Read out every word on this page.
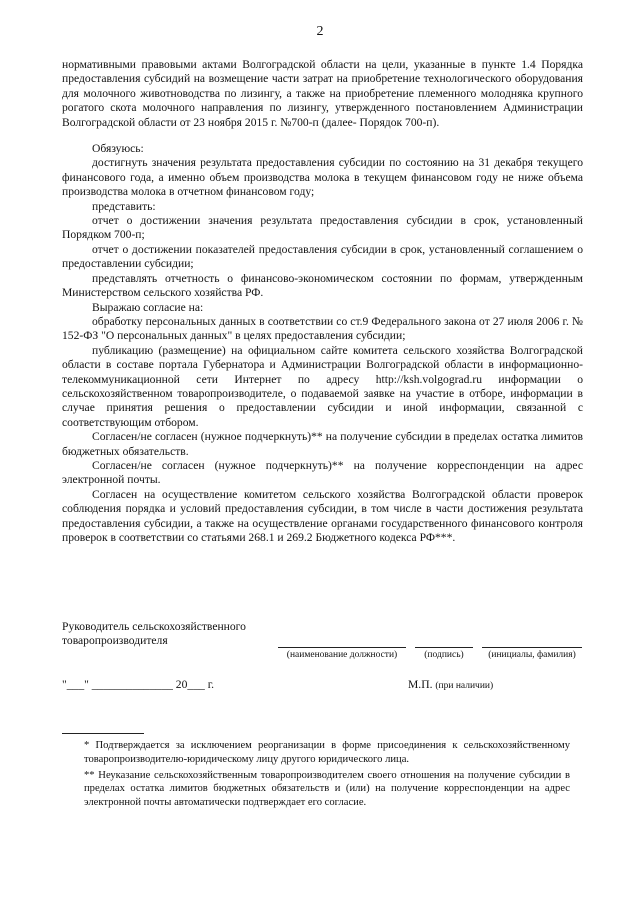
2

нормативными правовыми актами Волгоградской области на цели, указанные в пункте 1.4 Порядка предоставления субсидий на возмещение части затрат на приобретение технологического оборудования для молочного животноводства по лизингу, а также на приобретение племенного молодняка крупного рогатого скота молочного направления по лизингу, утвержденного постановлением Администрации Волгоградской области от 23 ноября 2015 г. №700-п (далее- Порядок 700-п).

Обязуюсь:

достигнуть значения результата предоставления субсидии по состоянию на 31 декабря текущего финансового года, а именно объем производства молока в текущем финансовом году не ниже объема производства молока в отчетном финансовом году;

представить:

отчет о достижении значения результата предоставления субсидии в срок, установленный Порядком 700-п;

отчет о достижении показателей предоставления субсидии в срок, установленный соглашением о предоставлении субсидии;

представлять отчетность о финансово-экономическом состоянии по формам, утвержденным Министерством сельского хозяйства РФ.

Выражаю согласие на:

обработку персональных данных в соответствии со ст.9 Федерального закона от 27 июля 2006 г. № 152-ФЗ "О персональных данных" в целях предоставления субсидии;

публикацию (размещение) на официальном сайте комитета сельского хозяйства Волгоградской области в составе портала Губернатора и Администрации Волгоградской области в информационно-телекоммуникационной сети Интернет по адресу http://ksh.volgograd.ru информации о сельскохозяйственном товаропроизводителе, о подаваемой заявке на участие в отборе, информации в случае принятия решения о предоставлении субсидии и иной информации, связанной с соответствующим отбором.

Согласен/не согласен (нужное подчеркнуть)** на получение субсидии в пределах остатка лимитов бюджетных обязательств.

Согласен/не согласен (нужное подчеркнуть)** на получение корреспонденции на адрес электронной почты.

Согласен на осуществление комитетом сельского хозяйства Волгоградской области проверок соблюдения порядка и условий предоставления субсидии, в том числе в части достижения результата предоставления субсидии, а также на осуществление органами государственного финансового контроля проверок в соответствии со статьями 268.1 и 269.2 Бюджетного кодекса РФ***.

Руководитель сельскохозяйственного товаропроизводителя
(наименование должности)	(подпись)	(инициалы, фамилия)
"___" ______________ 20___ г.	М.П. (при наличии)

* Подтверждается за исключением реорганизации в форме присоединения к сельскохозяйственному товаропроизводителю-юридическому лицу другого юридического лица.

** Неуказание сельскохозяйственным товаропроизводителем своего отношения на получение субсидии в пределах остатка лимитов бюджетных обязательств и (или) на получение корреспонденции на адрес электронной почты автоматически подтверждает его согласие.
